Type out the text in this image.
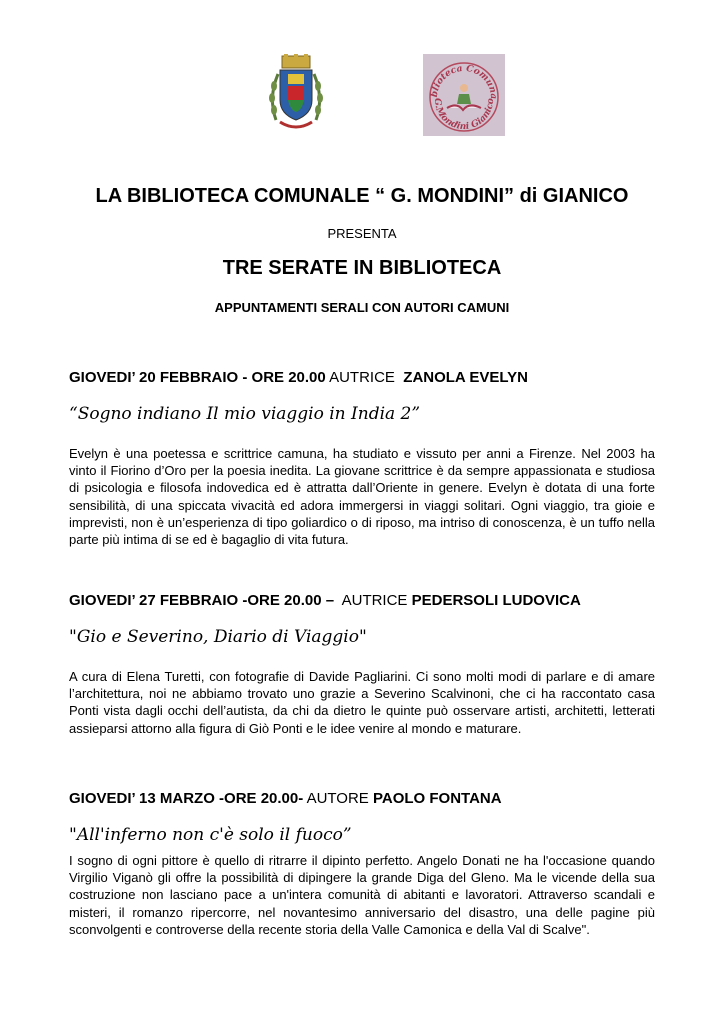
blioteca Comuna
G.Mondini Gianico
LA BIBLIOTECA COMUNALE “ G. MONDINI” di GIANICO
PRESENTA
TRE SERATE IN BIBLIOTECA
APPUNTAMENTI SERALI CON AUTORI CAMUNI
GIOVEDI’ 20 FEBBRAIO - ORE 20.00 AUTRICE  ZANOLA EVELYN
“Sogno indiano Il mio viaggio in India 2”
Evelyn è una poetessa e scrittrice camuna, ha studiato e vissuto per anni a Firenze. Nel 2003 ha vinto il Fiorino d’Oro per la poesia inedita. La giovane scrittrice è da sempre appassionata e studiosa di psicologia e filosofa indovedica ed è attratta dall’Oriente in genere. Evelyn è dotata di una forte sensibilità, di una spiccata vivacità ed adora immergersi in viaggi solitari. Ogni viaggio, tra gioie e imprevisti, non è un’esperienza di tipo goliardico o di riposo, ma intriso di conoscenza, è un tuffo nella parte più intima di se ed è bagaglio di vita futura.
GIOVEDI’ 27 FEBBRAIO -ORE 20.00 –  AUTRICE PEDERSOLI LUDOVICA
"Gio e Severino, Diario di Viaggio"
A cura di Elena Turetti, con fotografie di Davide Pagliarini. Ci sono molti modi di parlare e di amare l’architettura, noi ne abbiamo trovato uno grazie a Severino Scalvinoni, che ci ha raccontato casa Ponti vista dagli occhi dell’autista, da chi da dietro le quinte può osservare artisti, architetti, letterati assieparsi attorno alla figura di Giò Ponti e le idee venire al mondo e maturare.
GIOVEDI’ 13 MARZO -ORE 20.00- AUTORE PAOLO FONTANA
"All'inferno non c'è solo il fuoco”
I sogno di ogni pittore è quello di ritrarre il dipinto perfetto. Angelo Donati ne ha l'occasione quando Virgilio Viganò gli offre la possibilità di dipingere la grande Diga del Gleno. Ma le vicende della sua costruzione non lasciano pace a un'intera comunità di abitanti e lavoratori. Attraverso scandali e misteri, il romanzo ripercorre, nel novantesimo anniversario del disastro, una delle pagine più sconvolgenti e controverse della recente storia della Valle Camonica e della Val di Scalve".
